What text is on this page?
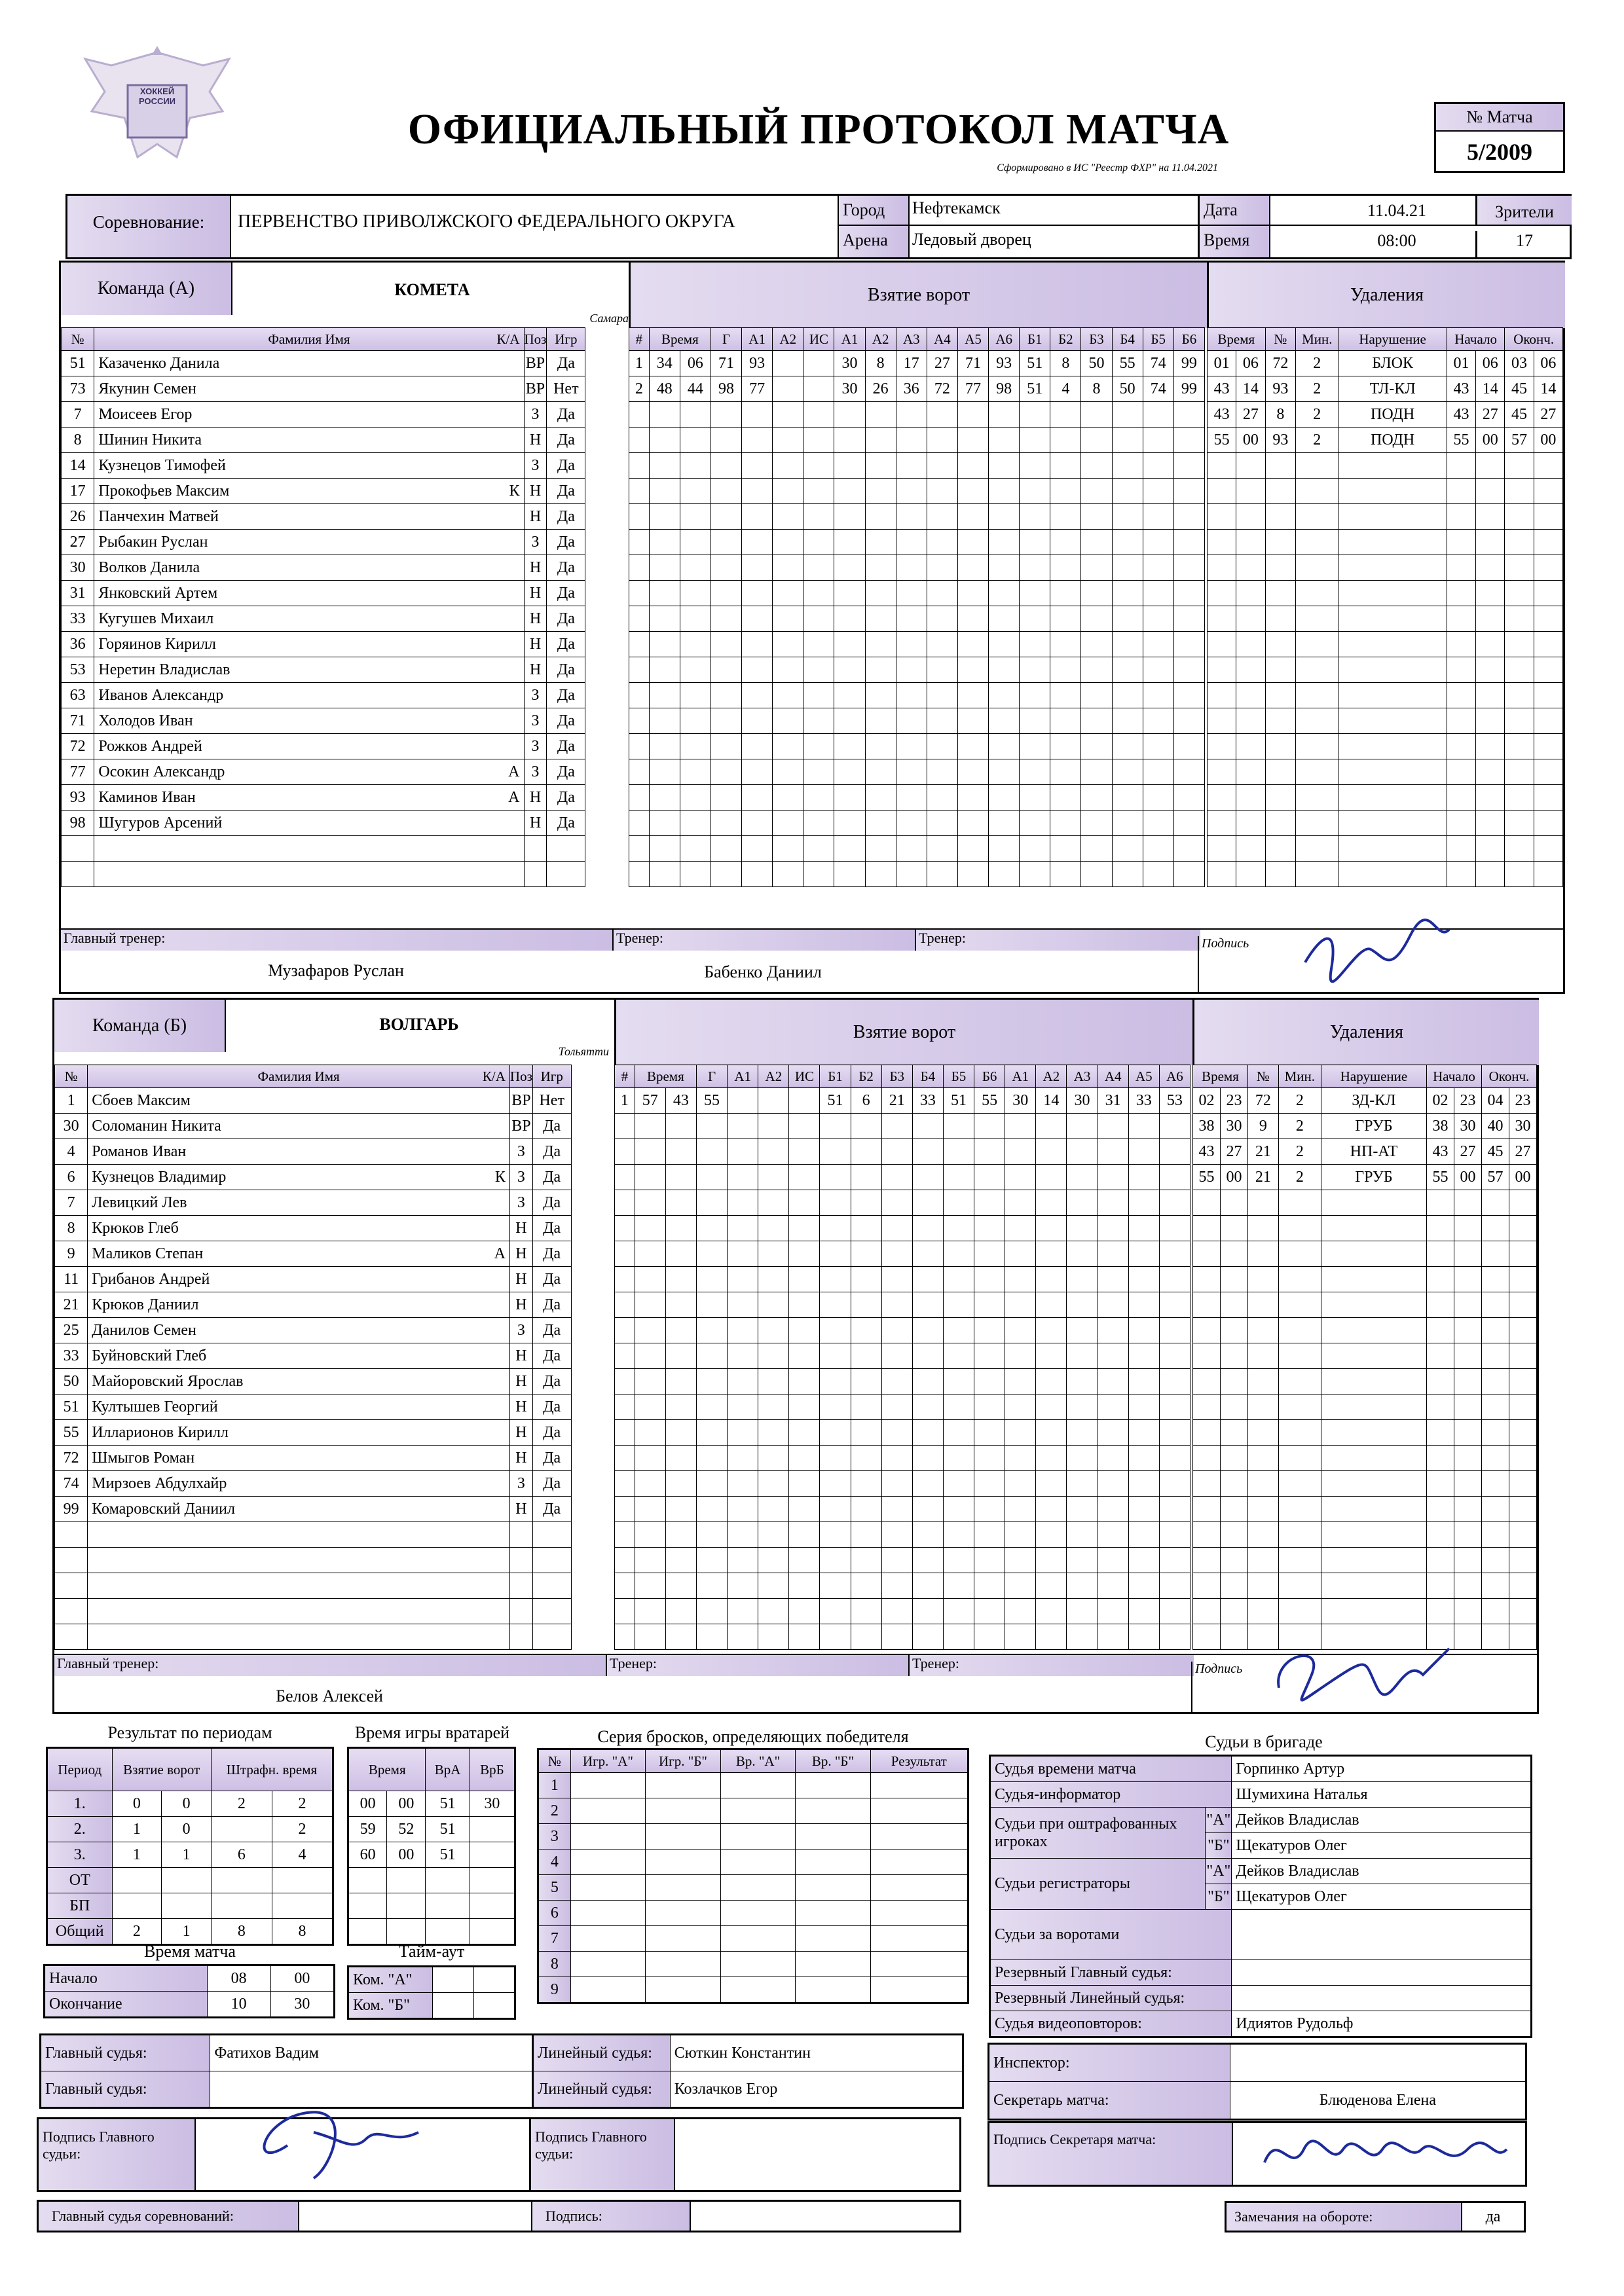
ХОККЕЙ РОССИИ
ОФИЦИАЛЬНЫЙ ПРОТОКОЛ МАТЧА
Сформировано в ИС "Реестр ФХР" на 11.04.2021
№ Матча
5/2009
Соревнование:	ПЕРВЕНСТВО ПРИВОЛЖСКОГО ФЕДЕРАЛЬНОГО ОКРУГА
Город	Нефтекамск
Арена	Ледовый дворец
Дата	11.04.21
Время	08:00
Зрители
17
Команда (А)	КОМЕТА
Самара
Взятие ворот	Удаления
№	Фамилия Имя К/А	Поз	Игр
51	Казаченко Данила	ВР	Да
73	Якунин Семен	ВР	Нет
7	Моисеев Егор	З	Да
8	Шинин Никита	Н	Да
14	Кузнецов Тимофей	З	Да
17	Прокофьев Максим К	Н	Да
26	Панчехин Матвей	Н	Да
27	Рыбакин Руслан	З	Да
30	Волков Данила	Н	Да
31	Янковский Артем	Н	Да
33	Кугушев Михаил	Н	Да
36	Горяинов Кирилл	Н	Да
53	Неретин Владислав	Н	Да
63	Иванов Александр	З	Да
71	Холодов Иван	З	Да
72	Рожков Андрей	З	Да
77	Осокин Александр А	З	Да
93	Каминов Иван А	Н	Да
98	Шугуров Арсений	Н	Да

#	Время		Г	А1	А2	ИС	А1	А2	А3	А4	А5	А6	Б1	Б2	Б3	Б4	Б5	Б6
1	34	06	71	93			30	8	17	27	71	93	51	8	50	55	74	99
2	48	44	98	77			30	26	36	72	77	98	51	4	8	50	74	99

Время		№	Мин.	Нарушение	Начало		Оконч.	
01	06	72	2	БЛОК	01	06	03	06
43	14	93	2	ТЛ-КЛ	43	14	45	14
43	27	8	2	ПОДН	43	27	45	27
55	00	93	2	ПОДН	55	00	57	00

Главный тренер:
Музафаров Руслан
Тренер:
Бабенко Даниил
Тренер:	Подпись
Команда (Б)	ВОЛГАРЬ
Тольятти
Взятие ворот	Удаления
№	Фамилия Имя К/А	Поз	Игр
1	Сбоев Максим	ВР	Нет
30	Соломанин Никита	ВР	Да
4	Романов Иван	З	Да
6	Кузнецов Владимир К	З	Да
7	Левицкий Лев	З	Да
8	Крюков Глеб	Н	Да
9	Маликов Степан А	Н	Да
11	Грибанов Андрей	Н	Да
21	Крюков Даниил	Н	Да
25	Данилов Семен	З	Да
33	Буйновский Глеб	Н	Да
50	Майоровский Ярослав	Н	Да
51	Култышев Георгий	Н	Да
55	Илларионов Кирилл	Н	Да
72	Шмыгов Роман	Н	Да
74	Мирзоев Абдулхайр	З	Да
99	Комаровский Даниил	Н	Да

#	Время		Г	А1	А2	ИС	Б1	Б2	Б3	Б4	Б5	Б6	А1	А2	А3	А4	А5	А6
1	57	43	55				51	6	21	33	51	55	30	14	30	31	33	53

Время		№	Мин.	Нарушение	Начало		Оконч.	
02	23	72	2	ЗД-КЛ	02	23	04	23
38	30	9	2	ГРУБ	38	30	40	30
43	27	21	2	НП-АТ	43	27	45	27
55	00	21	2	ГРУБ	55	00	57	00

Главный тренер:
Белов Алексей
Тренер:	Тренер:	Подпись
Результат по периодам
Период	Взятие ворот		Штрафн. время	
1.	0	0	2	2
2.	1	0		2
3.	1	1	6	4
ОТ				
БП				
Общий	2	1	8	8
Время матча
Начало	08	00
Окончание	10	30
Время игры вратарей
Время		ВрА	ВрБ
00	00	51	30
59	52	51	
60	00	51	

Тайм-аут
Ком. "А"		
Ком. "Б"		
Серия бросков, определяющих победителя
№	Игр. "А"	Игр. "Б"	Вр. "А"	Вр. "Б"	Результат
1					
2					
3					
4					
5					
6					
7					
8					
9					
Судьи в бригаде
Судья времени матча		Горпинко Артур
Судья-информатор		Шумихина Наталья
Судьи при оштрафованных игроках	"А"	Дейков Владислав
	"Б"	Щекатуров Олег
Судьи регистраторы	"А"	Дейков Владислав
	"Б"	Щекатуров Олег
Судьи за воротами		
Резервный Главный судья:		
Резервный Линейный судья:		
Судья видеоповторов:		Идиятов Рудольф
Главный судья:	Фатихов Вадим
Главный судья:	
Линейный судья:	Сюткин Константин
Линейный судья:	Козлачков Егор
Инспектор:	
Секретарь матча:	Блюденова Елена
Подпись Главного судьи:
Подпись Главного судьи:
Подпись Секретаря матча:
Главный судья соревнований:	Подпись:	Замечания на обороте:	да
